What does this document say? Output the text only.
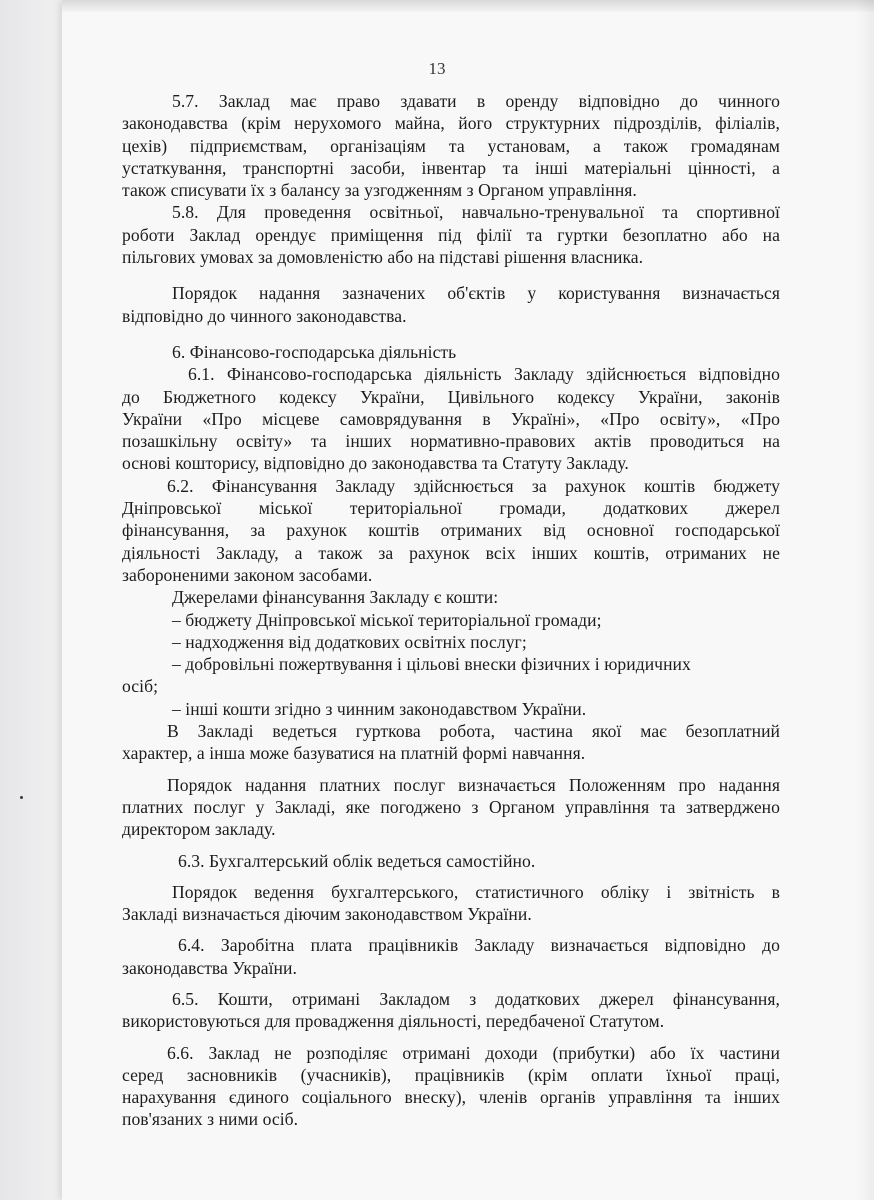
13
5.7. Заклад має право здавати в оренду відповідно до чинного
законодавства (крім нерухомого майна, його структурних підрозділів, філіалів,
цехів) підприємствам, організаціям та установам, а також громадянам
устаткування, транспортні засоби, інвентар та інші матеріальні цінності, а
також списувати їх з балансу за узгодженням з Органом управління.
5.8. Для проведення освітньої, навчально-тренувальної та спортивної
роботи Заклад орендує приміщення під філії та гуртки безоплатно або на
пільгових умовах за домовленістю або на підставі рішення власника.
Порядок надання зазначених об'єктів у користування визначається
відповідно до чинного законодавства.
6. Фінансово-господарська діяльність
6.1. Фінансово-господарська діяльність Закладу здійснюється відповідно
до Бюджетного кодексу України, Цивільного кодексу України, законів
України «Про місцеве самоврядування в Україні», «Про освіту», «Про
позашкільну освіту» та інших нормативно-правових актів проводиться на
основі кошторису, відповідно до законодавства та Статуту Закладу.
6.2. Фінансування Закладу здійснюється за рахунок коштів бюджету
Дніпровської міської територіальної громади, додаткових джерел
фінансування, за рахунок коштів отриманих від основної господарської
діяльності Закладу, а також за рахунок всіх інших коштів, отриманих не
забороненими законом засобами.
Джерелами фінансування Закладу є кошти:
– бюджету Дніпровської міської територіальної громади;
– надходження від додаткових освітніх послуг;
– добровільні пожертвування і цільові внески фізичних і юридичних
осіб;
– інші кошти згідно з чинним законодавством України.
В Закладі ведеться гурткова робота, частина якої має безоплатний
характер, а інша може базуватися на платній формі навчання.
Порядок надання платних послуг визначається Положенням про надання
платних послуг у Закладі, яке погоджено з Органом управління та затверджено
директором закладу.
6.3. Бухгалтерський облік ведеться самостійно.
Порядок ведення бухгалтерського, статистичного обліку і звітність в
Закладі визначається діючим законодавством України.
6.4. Заробітна плата працівників Закладу визначається відповідно до
законодавства України.
6.5. Кошти, отримані Закладом з додаткових джерел фінансування,
використовуються для провадження діяльності, передбаченої Статутом.
6.6. Заклад не розподіляє отримані доходи (прибутки) або їх частини
серед засновників (учасників), працівників (крім оплати їхньої праці,
нарахування єдиного соціального внеску), членів органів управління та інших
пов'язаних з ними осіб.
